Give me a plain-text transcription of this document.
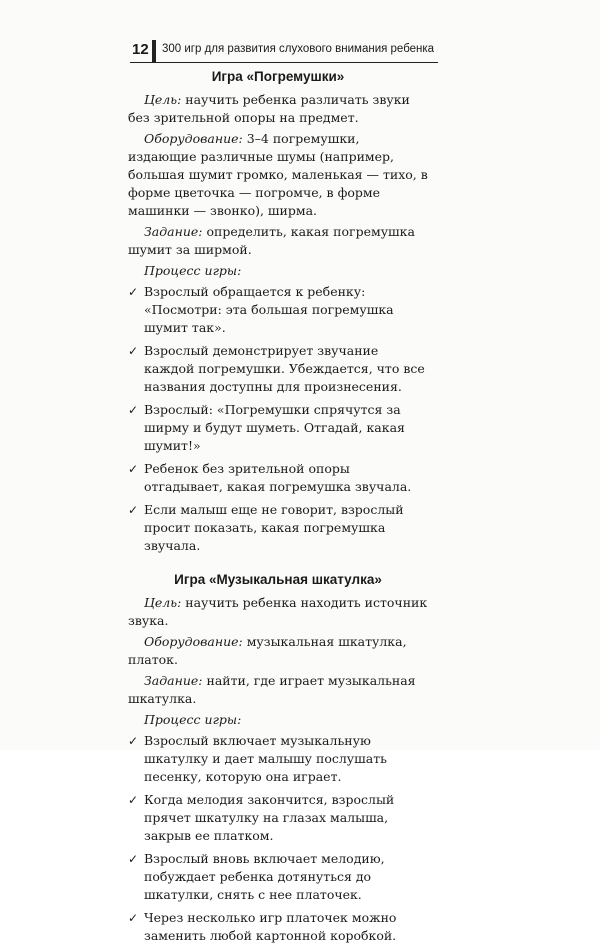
12 300 игр для развития слухового внимания ребенка
Игра «Погремушки»

Цель: научить ребенка различать звуки без зрительной опоры на предмет.

Оборудование: 3–4 погремушки, издающие различные шумы (например, большая шумит громко, маленькая — тихо, в форме цветочка — погромче, в форме машинки — звонко), ширма.

Задание: определить, какая погремушка шумит за ширмой.

Процесс игры:

✓ Взрослый обращается к ребенку: «Посмотри: эта большая погремушка шумит так».
✓ Взрослый демонстрирует звучание каждой погремушки. Убеждается, что все названия доступны для произнесения.
✓ Взрослый: «Погремушки спрячутся за ширму и будут шуметь. Отгадай, какая шумит!»
✓ Ребенок без зрительной опоры отгадывает, какая погремушка звучала.
✓ Если малыш еще не говорит, взрослый просит показать, какая погремушка звучала.
Игра «Музыкальная шкатулка»

Цель: научить ребенка находить источник звука.

Оборудование: музыкальная шкатулка, платок.

Задание: найти, где играет музыкальная шкатулка.

Процесс игры:

✓ Взрослый включает музыкальную шкатулку и дает малышу послушать песенку, которую она играет.
✓ Когда мелодия закончится, взрослый прячет шкатулку на глазах малыша, закрыв ее платком.
✓ Взрослый вновь включает мелодию, побуждает ребенка дотянуться до шкатулки, снять с нее платочек.
✓ Через несколько игр платочек можно заменить любой картонной коробкой.
